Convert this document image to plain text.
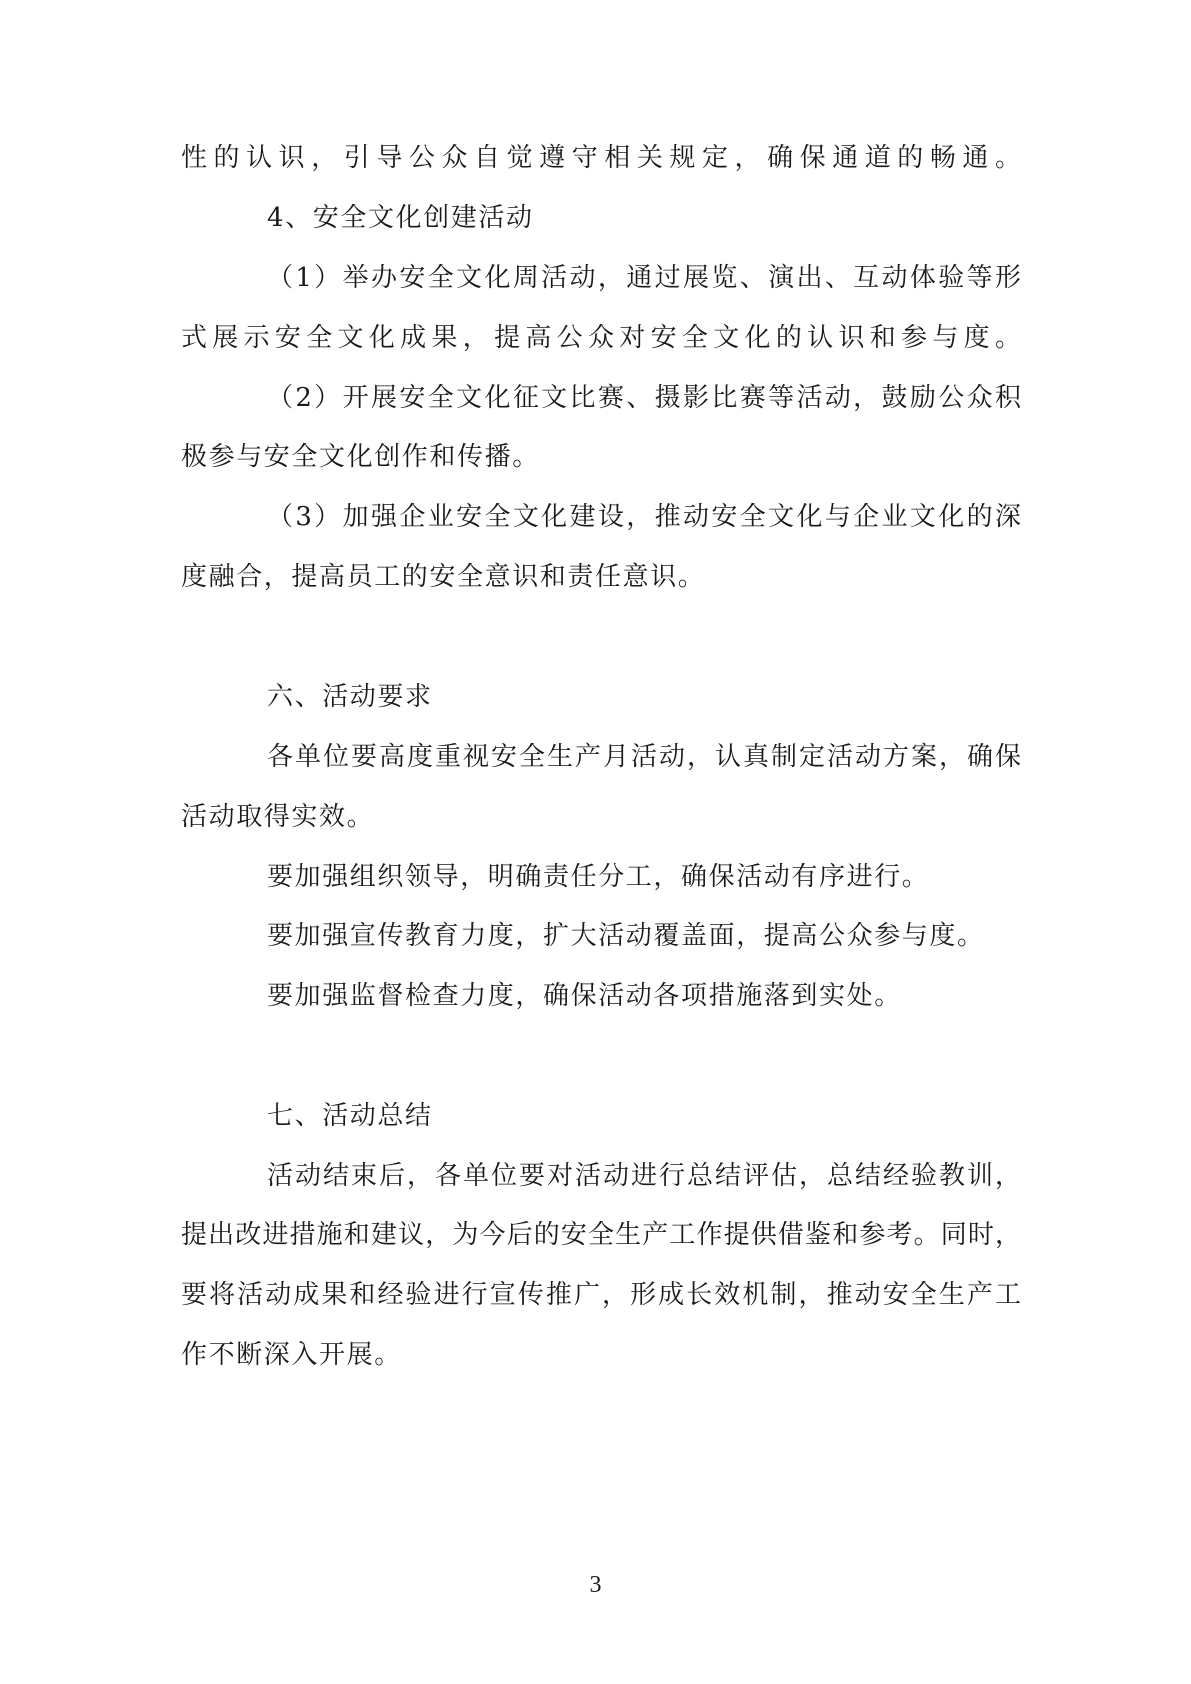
性的认识，引导公众自觉遵守相关规定，确保通道的畅通。
4、安全文化创建活动
（1）举办安全文化周活动，通过展览、演出、互动体验等形
式展示安全文化成果，提高公众对安全文化的认识和参与度。
（2）开展安全文化征文比赛、摄影比赛等活动，鼓励公众积
极参与安全文化创作和传播。
（3）加强企业安全文化建设，推动安全文化与企业文化的深
度融合，提高员工的安全意识和责任意识。
六、活动要求
各单位要高度重视安全生产月活动，认真制定活动方案，确保
活动取得实效。
要加强组织领导，明确责任分工，确保活动有序进行。
要加强宣传教育力度，扩大活动覆盖面，提高公众参与度。
要加强监督检查力度，确保活动各项措施落到实处。
七、活动总结
活动结束后，各单位要对活动进行总结评估，总结经验教训，
提出改进措施和建议，为今后的安全生产工作提供借鉴和参考。同时，
要将活动成果和经验进行宣传推广，形成长效机制，推动安全生产工
作不断深入开展。
3
